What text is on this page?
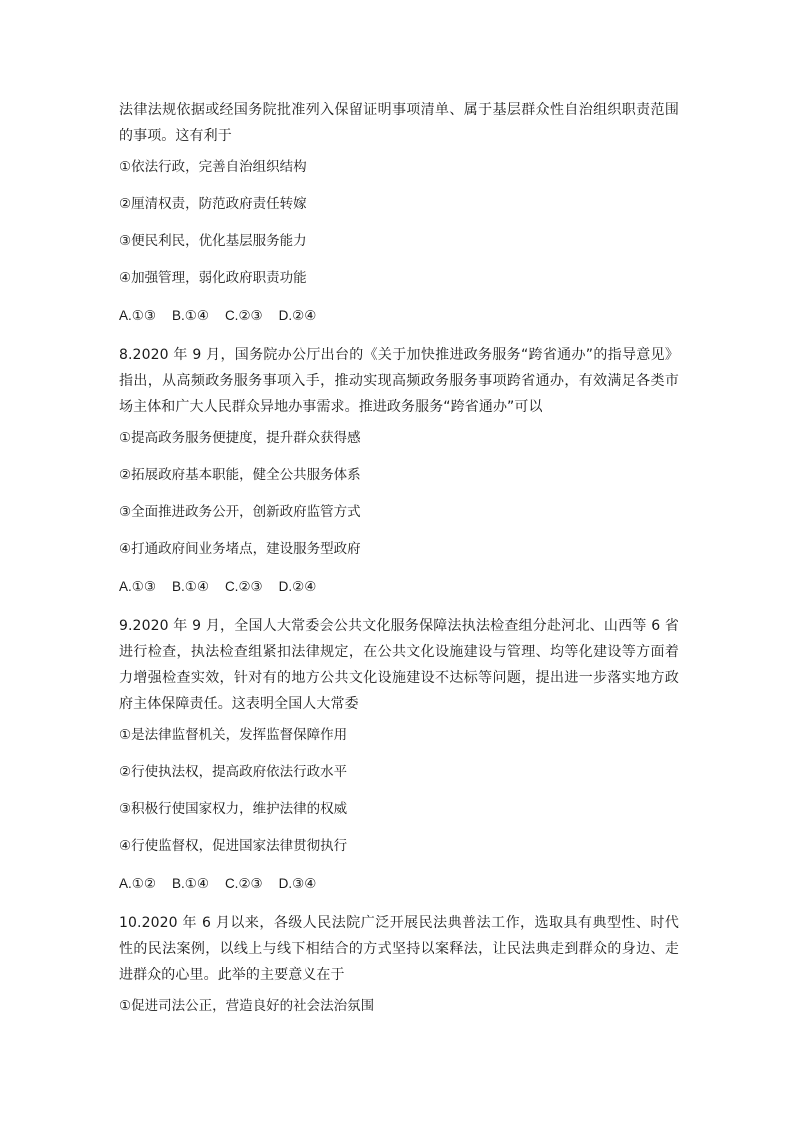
法律法规依据或经国务院批准列入保留证明事项清单、属于基层群众性自治组织职责范围的事项。这有利于

①依法行政，完善自治组织结构

②厘清权责，防范政府责任转嫁

③便民利民，优化基层服务能力

④加强管理，弱化政府职责功能

A.①③ B.①④ C.②③ D.②④

8.2020 年 9 月，国务院办公厅出台的《关于加快推进政务服务“跨省通办”的指导意见》指出，从高频政务服务事项入手，推动实现高频政务服务事项跨省通办，有效满足各类市场主体和广大人民群众异地办事需求。推进政务服务“跨省通办”可以

①提高政务服务便捷度，提升群众获得感

②拓展政府基本职能，健全公共服务体系

③全面推进政务公开，创新政府监管方式

④打通政府间业务堵点，建设服务型政府

A.①③ B.①④ C.②③ D.②④

9.2020 年 9 月，全国人大常委会公共文化服务保障法执法检查组分赴河北、山西等 6 省进行检查，执法检查组紧扣法律规定，在公共文化设施建设与管理、均等化建设等方面着力增强检查实效，针对有的地方公共文化设施建设不达标等问题，提出进一步落实地方政府主体保障责任。这表明全国人大常委

①是法律监督机关，发挥监督保障作用

②行使执法权，提高政府依法行政水平

③积极行使国家权力，维护法律的权威

④行使监督权，促进国家法律贯彻执行

A.①② B.①④ C.②③ D.③④

10.2020 年 6 月以来，各级人民法院广泛开展民法典普法工作，选取具有典型性、时代性的民法案例，以线上与线下相结合的方式坚持以案释法，让民法典走到群众的身边、走进群众的心里。此举的主要意义在于

①促进司法公正，营造良好的社会法治氛围
